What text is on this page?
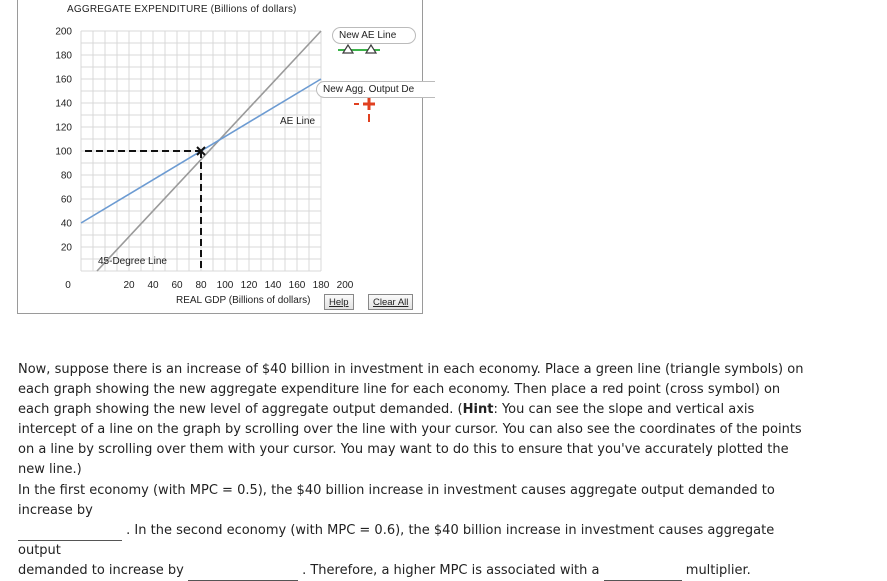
AGGREGATE EXPENDITURE (Billions of dollars)
REAL GDP (Billions of dollars)
20
40
60
80
100
120
140
160
180
200
0	20 40 60 80 100 120 140 160 180 200
45-Degree Line
AE Line
New AE Line
New Agg. Output De
Help	Clear All
Now, suppose there is an increase of $40 billion in investment in each economy. Place a green line (triangle symbols) on each graph showing the new aggregate expenditure line for each economy. Then place a red point (cross symbol) on each graph showing the new level of aggregate output demanded. (Hint: You can see the slope and vertical axis intercept of a line on the graph by scrolling over the line with your cursor. You can also see the coordinates of the points on a line by scrolling over them with your cursor. You may want to do this to ensure that you've accurately plotted the new line.)
In the first economy (with MPC = 0.5), the $40 billion increase in investment causes aggregate output demanded to increase by
. In the second economy (with MPC = 0.6), the $40 billion increase in investment causes aggregate output
demanded to increase by	. Therefore, a higher MPC is associated with a	multiplier.
